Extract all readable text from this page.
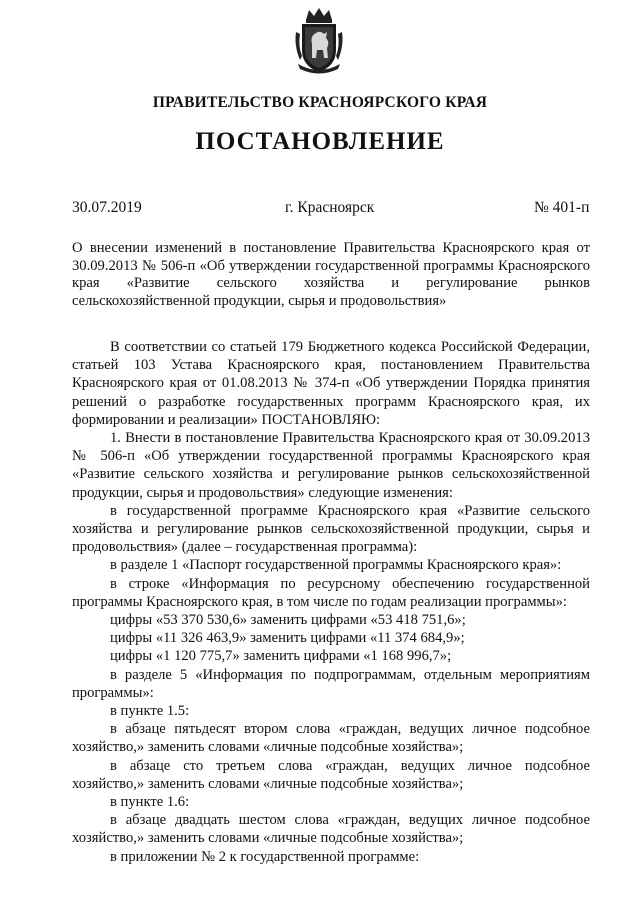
ПРАВИТЕЛЬСТВО КРАСНОЯРСКОГО КРАЯ
ПОСТАНОВЛЕНИЕ
30.07.2019	г. Красноярск	№ 401-п
О внесении изменений в постановление Правительства Красноярского края от 30.09.2013 № 506-п «Об утверждении государственной программы Красноярского края «Развитие сельского хозяйства и регулирование рынков сельскохозяйственной продукции, сырья и продовольствия»

В соответствии со статьей 179 Бюджетного кодекса Российской Федерации, статьей 103 Устава Красноярского края, постановлением Правительства Красноярского края от 01.08.2013 № 374-п «Об утверждении Порядка принятия решений о разработке государственных программ Красноярского края, их формировании и реализации» ПОСТАНОВЛЯЮ:

1. Внести в постановление Правительства Красноярского края от 30.09.2013 № 506-п «Об утверждении государственной программы Красноярского края «Развитие сельского хозяйства и регулирование рынков сельскохозяйственной продукции, сырья и продовольствия» следующие изменения:

в государственной программе Красноярского края «Развитие сельского хозяйства и регулирование рынков сельскохозяйственной продукции, сырья и продовольствия» (далее – государственная программа):

в разделе 1 «Паспорт государственной программы Красноярского края»:

в строке «Информация по ресурсному обеспечению государственной программы Красноярского края, в том числе по годам реализации программы»:

цифры «53 370 530,6» заменить цифрами «53 418 751,6»;

цифры «11 326 463,9» заменить цифрами «11 374 684,9»;

цифры «1 120 775,7» заменить цифрами «1 168 996,7»;

в разделе 5 «Информация по подпрограммам, отдельным мероприятиям программы»:

в пункте 1.5:

в абзаце пятьдесят втором слова «граждан, ведущих личное подсобное хозяйство,» заменить словами «личные подсобные хозяйства»;

в абзаце сто третьем слова «граждан, ведущих личное подсобное хозяйство,» заменить словами «личные подсобные хозяйства»;

в пункте 1.6:

в абзаце двадцать шестом слова «граждан, ведущих личное подсобное хозяйство,» заменить словами «личные подсобные хозяйства»;

в приложении № 2 к государственной программе:
